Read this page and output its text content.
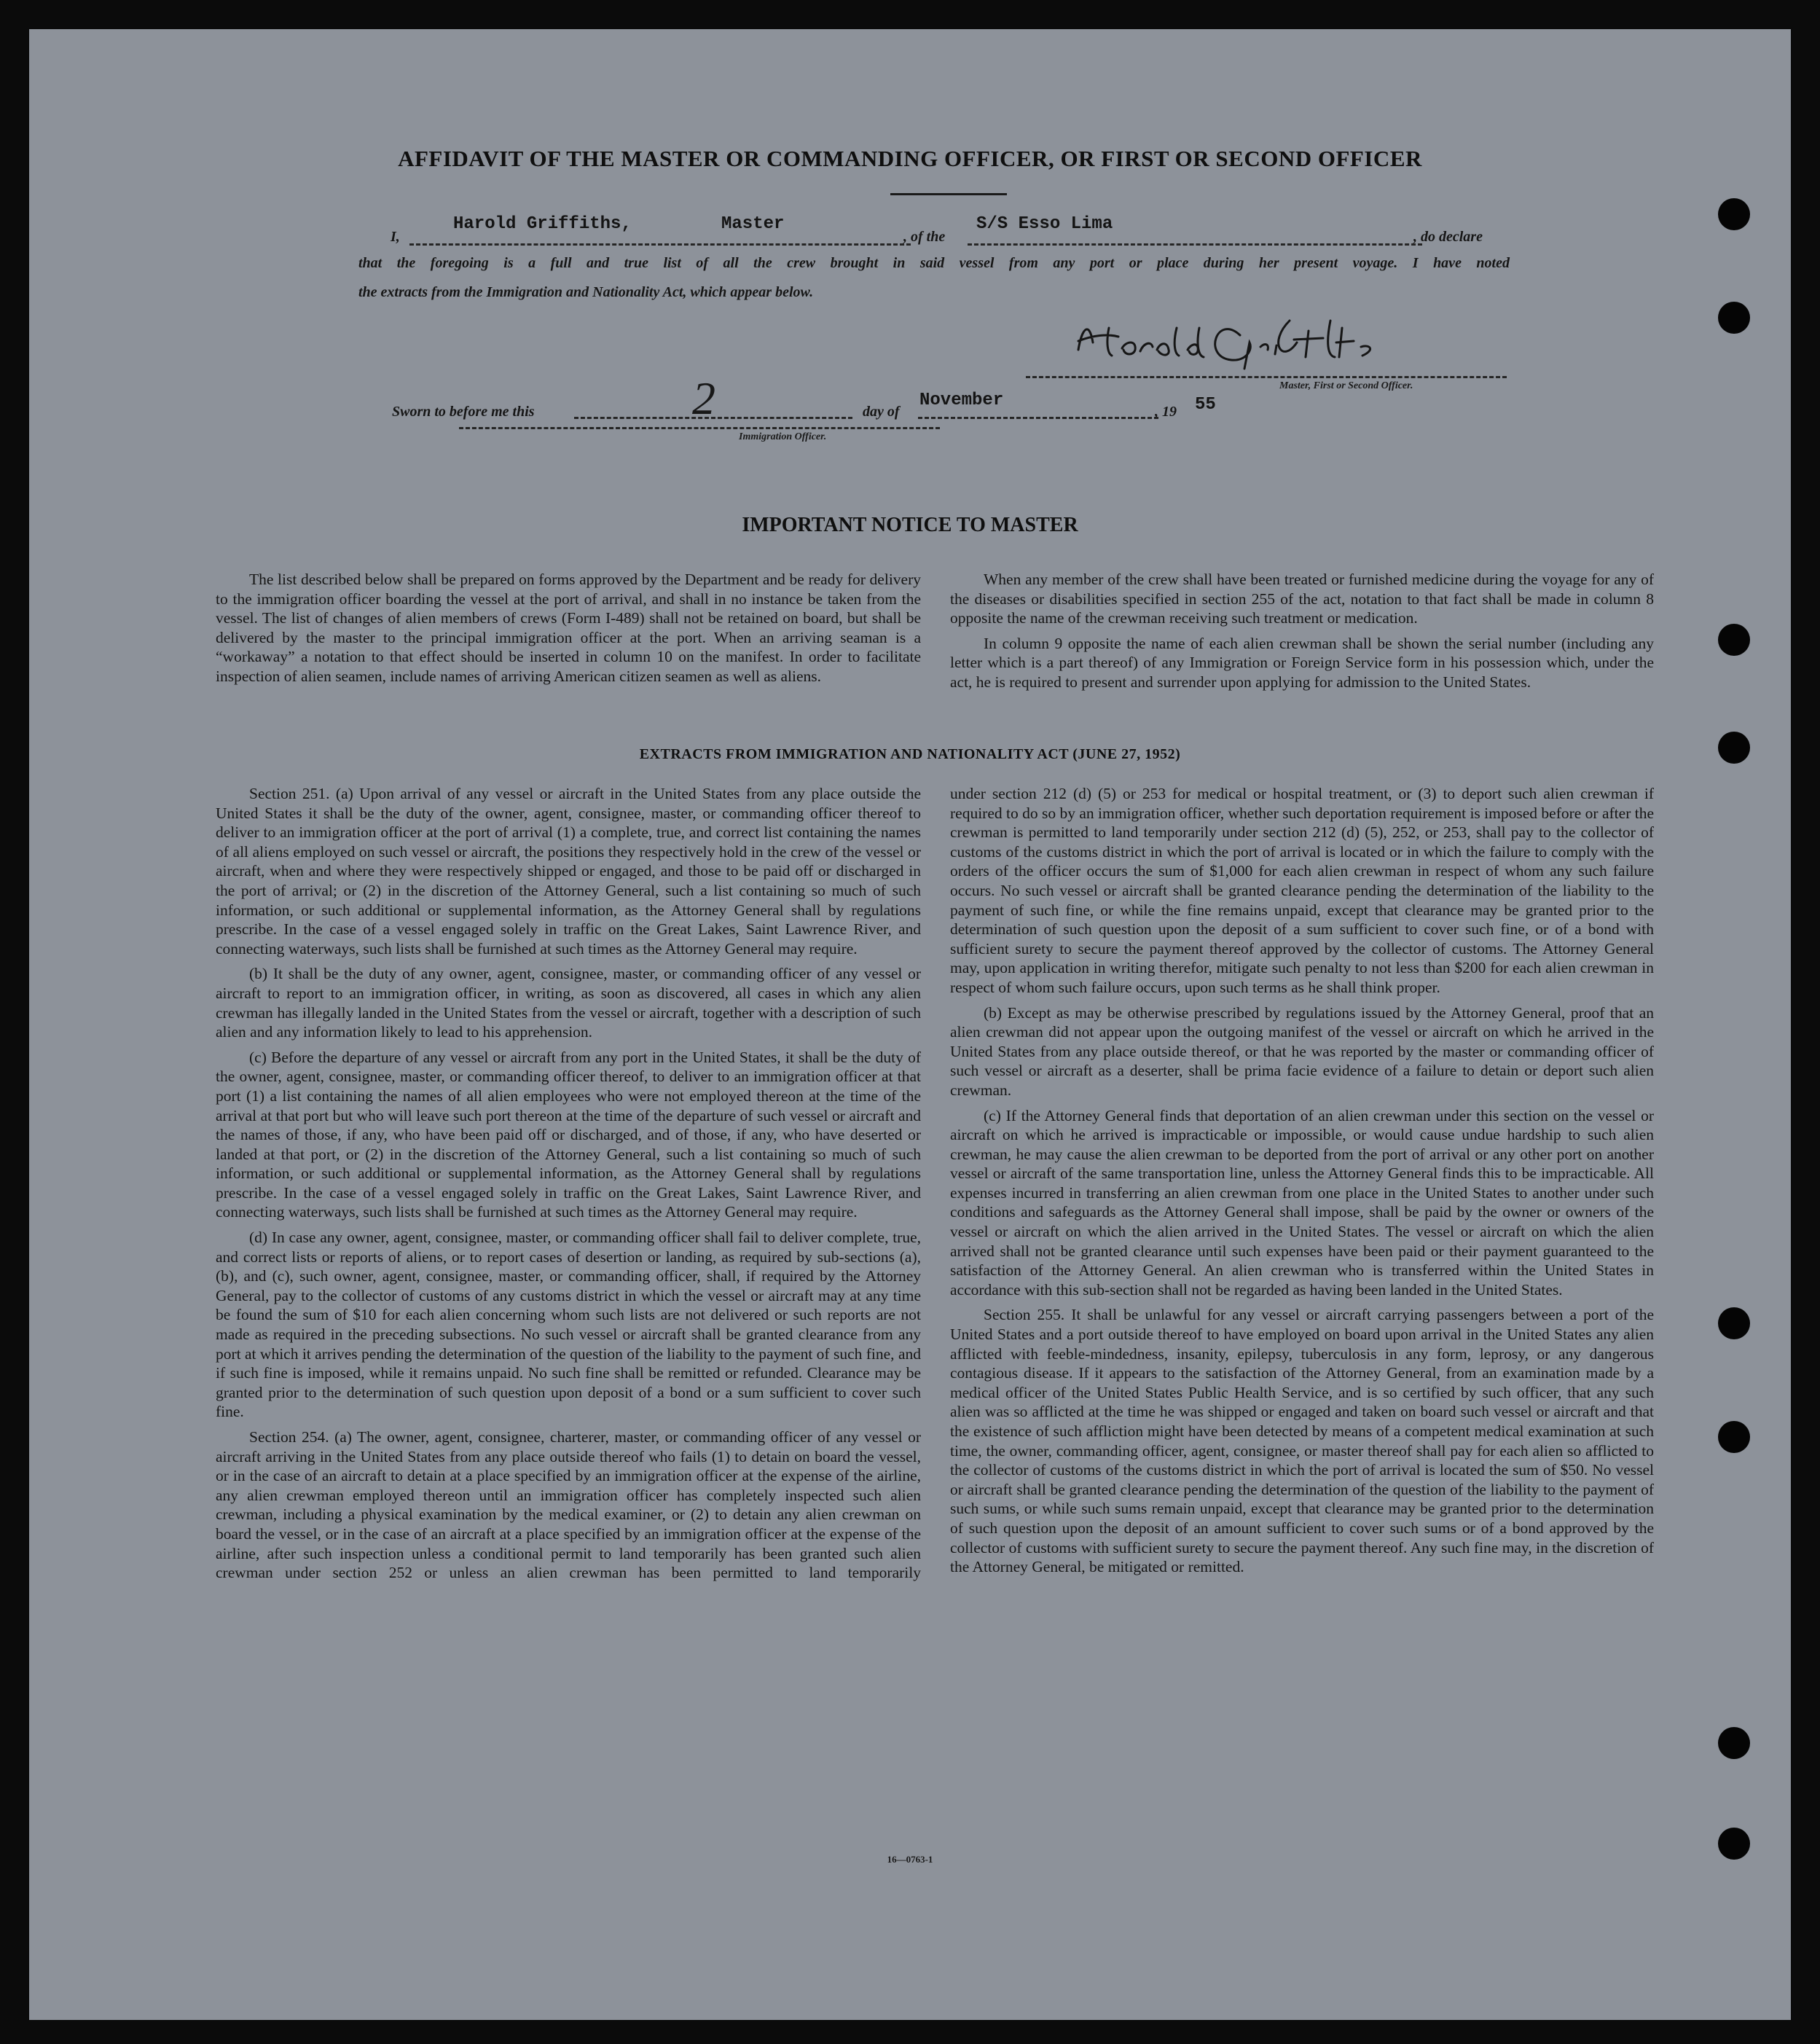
AFFIDAVIT OF THE MASTER OR COMMANDING OFFICER, OR FIRST OR SECOND OFFICER
I,
Harold Griffiths,	Master
, of the
S/S Esso Lima
, do declare
that the foregoing is a full and true list of all the crew brought in said vessel from any port or place during her present voyage. I have noted
the extracts from the Immigration and Nationality Act, which appear below.
Master, First or Second Officer.
Sworn to before me this	2	day of
November
, 19 55
Immigration Officer.
IMPORTANT NOTICE TO MASTER

The list described below shall be prepared on forms approved by the Department and be ready for delivery to the immigration officer boarding the vessel at the port of arrival, and shall in no instance be taken from the vessel. The list of changes of alien members of crews (Form I-489) shall not be retained on board, but shall be delivered by the master to the principal immigration officer at the port. When an arriving seaman is a “workaway” a notation to that effect should be inserted in column 10 on the manifest. In order to facilitate inspection of alien seamen, include names of arriving American citizen seamen as well as aliens.

When any member of the crew shall have been treated or furnished medicine during the voyage for any of the diseases or disabilities specified in section 255 of the act, notation to that fact shall be made in column 8 opposite the name of the crewman receiving such treatment or medication.

In column 9 opposite the name of each alien crewman shall be shown the serial number (including any letter which is a part thereof) of any Immigration or Foreign Service form in his possession which, under the act, he is required to present and surrender upon applying for admission to the United States.

EXTRACTS FROM IMMIGRATION AND NATIONALITY ACT (JUNE 27, 1952)

Section 251. (a) Upon arrival of any vessel or aircraft in the United States from any place outside the United States it shall be the duty of the owner, agent, consignee, master, or commanding officer thereof to deliver to an immigration officer at the port of arrival (1) a complete, true, and correct list containing the names of all aliens employed on such vessel or aircraft, the positions they respectively hold in the crew of the vessel or aircraft, when and where they were respectively shipped or engaged, and those to be paid off or discharged in the port of arrival; or (2) in the discretion of the Attorney General, such a list containing so much of such information, or such additional or supplemental information, as the Attorney General shall by regulations prescribe. In the case of a vessel engaged solely in traffic on the Great Lakes, Saint Lawrence River, and connecting waterways, such lists shall be furnished at such times as the Attorney General may require.

(b) It shall be the duty of any owner, agent, consignee, master, or commanding officer of any vessel or aircraft to report to an immigration officer, in writing, as soon as discovered, all cases in which any alien crewman has illegally landed in the United States from the vessel or aircraft, together with a description of such alien and any information likely to lead to his apprehension.

(c) Before the departure of any vessel or aircraft from any port in the United States, it shall be the duty of the owner, agent, consignee, master, or commanding officer thereof, to deliver to an immigration officer at that port (1) a list containing the names of all alien employees who were not employed thereon at the time of the arrival at that port but who will leave such port thereon at the time of the departure of such vessel or aircraft and the names of those, if any, who have been paid off or discharged, and of those, if any, who have deserted or landed at that port, or (2) in the discretion of the Attorney General, such a list containing so much of such information, or such additional or supplemental information, as the Attorney General shall by regulations prescribe. In the case of a vessel engaged solely in traffic on the Great Lakes, Saint Lawrence River, and connecting waterways, such lists shall be furnished at such times as the Attorney General may require.

(d) In case any owner, agent, consignee, master, or commanding officer shall fail to deliver complete, true, and correct lists or reports of aliens, or to report cases of desertion or landing, as required by sub-sections (a), (b), and (c), such owner, agent, consignee, master, or commanding officer, shall, if required by the Attorney General, pay to the collector of customs of any customs district in which the vessel or aircraft may at any time be found the sum of $10 for each alien concerning whom such lists are not delivered or such reports are not made as required in the preceding subsections. No such vessel or aircraft shall be granted clearance from any port at which it arrives pending the determination of the question of the liability to the payment of such fine, and if such fine is imposed, while it remains unpaid. No such fine shall be remitted or refunded. Clearance may be granted prior to the determination of such question upon deposit of a bond or a sum sufficient to cover such fine.

Section 254. (a) The owner, agent, consignee, charterer, master, or commanding officer of any vessel or aircraft arriving in the United States from any place outside thereof who fails (1) to detain on board the vessel, or in the case of an aircraft to detain at a place specified by an immigration officer at the expense of the airline, any alien crewman employed thereon until an immigration officer has completely inspected such alien crewman, including a physical examination by the medical examiner, or (2) to detain any alien crewman on board the vessel, or in the case of an aircraft at a place specified by an immigration officer at the expense of the airline, after such inspection unless a conditional permit to land temporarily has been granted such alien crewman under section 252 or unless an alien crewman has been permitted to land temporarily

under section 212 (d) (5) or 253 for medical or hospital treatment, or (3) to deport such alien crewman if required to do so by an immigration officer, whether such deportation requirement is imposed before or after the crewman is permitted to land temporarily under section 212 (d) (5), 252, or 253, shall pay to the collector of customs of the customs district in which the port of arrival is located or in which the failure to comply with the orders of the officer occurs the sum of $1,000 for each alien crewman in respect of whom any such failure occurs. No such vessel or aircraft shall be granted clearance pending the determination of the liability to the payment of such fine, or while the fine remains unpaid, except that clearance may be granted prior to the determination of such question upon the deposit of a sum sufficient to cover such fine, or of a bond with sufficient surety to secure the payment thereof approved by the collector of customs. The Attorney General may, upon application in writing therefor, mitigate such penalty to not less than $200 for each alien crewman in respect of whom such failure occurs, upon such terms as he shall think proper.

(b) Except as may be otherwise prescribed by regulations issued by the Attorney General, proof that an alien crewman did not appear upon the outgoing manifest of the vessel or aircraft on which he arrived in the United States from any place outside thereof, or that he was reported by the master or commanding officer of such vessel or aircraft as a deserter, shall be prima facie evidence of a failure to detain or deport such alien crewman.

(c) If the Attorney General finds that deportation of an alien crewman under this section on the vessel or aircraft on which he arrived is impracticable or impossible, or would cause undue hardship to such alien crewman, he may cause the alien crewman to be deported from the port of arrival or any other port on another vessel or aircraft of the same transportation line, unless the Attorney General finds this to be impracticable. All expenses incurred in transferring an alien crewman from one place in the United States to another under such conditions and safeguards as the Attorney General shall impose, shall be paid by the owner or owners of the vessel or aircraft on which the alien arrived in the United States. The vessel or aircraft on which the alien arrived shall not be granted clearance until such expenses have been paid or their payment guaranteed to the satisfaction of the Attorney General. An alien crewman who is transferred within the United States in accordance with this sub-section shall not be regarded as having been landed in the United States.

Section 255. It shall be unlawful for any vessel or aircraft carrying passengers between a port of the United States and a port outside thereof to have employed on board upon arrival in the United States any alien afflicted with feeble-mindedness, insanity, epilepsy, tuberculosis in any form, leprosy, or any dangerous contagious disease. If it appears to the satisfaction of the Attorney General, from an examination made by a medical officer of the United States Public Health Service, and is so certified by such officer, that any such alien was so afflicted at the time he was shipped or engaged and taken on board such vessel or aircraft and that the existence of such affliction might have been detected by means of a competent medical examination at such time, the owner, commanding officer, agent, consignee, or master thereof shall pay for each alien so afflicted to the collector of customs of the customs district in which the port of arrival is located the sum of $50. No vessel or aircraft shall be granted clearance pending the determination of the question of the liability to the payment of such sums, or while such sums remain unpaid, except that clearance may be granted prior to the determination of such question upon the deposit of an amount sufficient to cover such sums or of a bond approved by the collector of customs with sufficient surety to secure the payment thereof. Any such fine may, in the discretion of the Attorney General, be mitigated or remitted.

16—0763-1
